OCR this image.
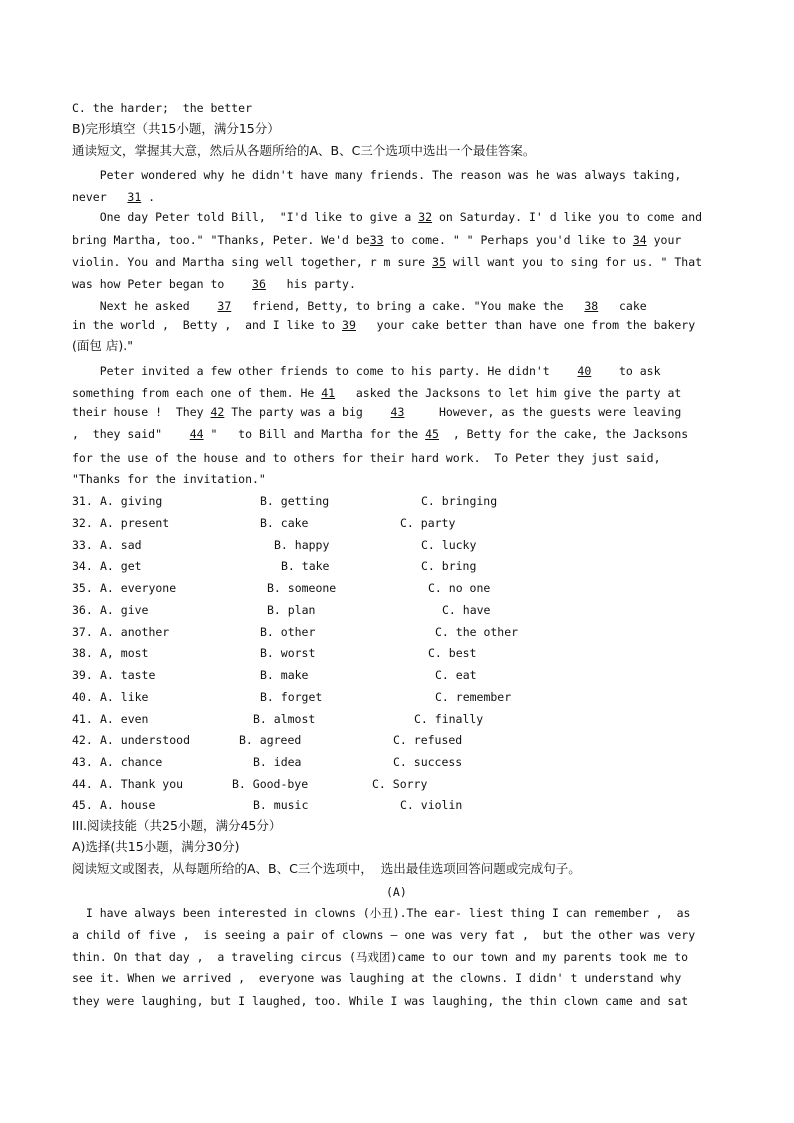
C. the harder;  the better
B)完形填空（共15小题，满分15分）
通读短文，掌握其大意，然后从各题所给的A、B、C三个选项中选出一个最佳答案。
Peter wondered why he didn't have many friends. The reason was he was always taking,
never   31 .
One day Peter told Bill,  "I'd like to give a 32 on Saturday. I' d like you to come and
bring Martha, too." "Thanks, Peter. We'd be33 to come. " " Perhaps you'd like to 34 your
violin. You and Martha sing well together, r m sure 35 will want you to sing for us. " That
was how Peter began to    36   his party.
Next he asked    37   friend, Betty, to bring a cake. "You make the   38   cake
in the world ,  Betty ,  and I like to 39   your cake better than have one from the bakery
(面包 店)."
Peter invited a few other friends to come to his party. He didn't    40    to ask
something from each one of them. He 41   asked the Jacksons to let him give the party at
their house !  They 42 The party was a big    43     However, as the guests were leaving
,  they said"    44 "   to Bill and Martha for the 45  , Betty for the cake, the Jacksons
for the use of the house and to others for their hard work.  To Peter they just said,
"Thanks for the invitation."
31. A. giving	B. getting	C. bringing
32. A. present	B. cake	C. party
33. A. sad	B. happy	C. lucky
34. A. get	B. take	C. bring
35. A. everyone	B. someone	C. no one
36. A. give	B. plan	C. have
37. A. another	B. other	C. the other
38. A, most	B. worst	C. best
39. A. taste	B. make	C. eat
40. A. like	B. forget	C. remember
41. A. even	B. almost	C. finally
42. A. understood	B. agreed	C. refused
43. A. chance	B. idea	C. success
44. A. Thank you	B. Good-bye	C. Sorry
45. A. house	B. music	C. violin
III.阅读技能（共25小题，满分45分）
A)选择(共15小题，满分30分)
阅读短文或图表，从每题所给的A、B、C三个选项中，  选出最佳选项回答问题或完成句子。
(A)
I have always been interested in clowns (小丑).The ear- liest thing I can remember ,  as
a child of five ,  is seeing a pair of clowns — one was very fat ,  but the other was very
thin. On that day ,  a traveling circus (马戏团)came to our town and my parents took me to
see it. When we arrived ,  everyone was laughing at the clowns. I didn' t understand why
they were laughing, but I laughed, too. While I was laughing, the thin clown came and sat
